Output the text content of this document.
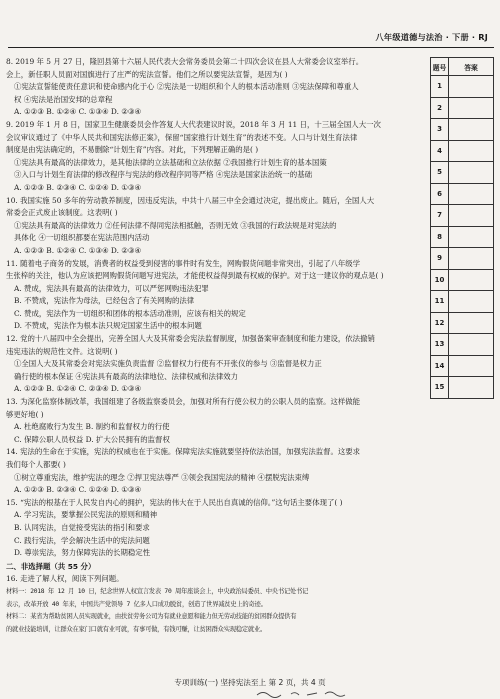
八年级道德与法治 · 下册 · RJ
8. 2019 年 5 月 27 日，隆回县第十六届人民代表大会常务委员会第二十四次会议在县人大常委会议室举行。
会上，新任职人员面对国旗进行了庄严的宪法宣誓。他们之所以要宪法宣誓，是因为( )
①宪法宣誓能使责任意识和使命感内化于心 ②宪法是一切组织和个人的根本活动准则 ③宪法保障和尊重人
权 ④宪法是治国安邦的总章程
A. ①②③ B. ①②④ C. ①③④ D. ②③④
9. 2019 年 1 月 8 日，国家卫生健康委员会作答复人大代表建议时说，2018 年 3 月 11 日，十三届全国人大一次
会议审议通过了《中华人民共和国宪法修正案》，保留“国家推行计划生育”的表述不变。人口与计划生育法律
制度是由宪法确定的，不易删除“计划生育”内容。对此，下列理解正确的是( )
①宪法具有最高的法律效力，是其他法律的立法基础和立法依据 ②我国推行计划生育的基本国策
③入口与计划生育法律的修改程序与宪法的修改程序同等严格 ④宪法是国家法治统一的基础
A. ①②③ B. ②③④ C. ①②④ D. ①③④
10. 我国实施 50 多年的劳动教养制度，因违反宪法，中共十八届三中全会通过决定，提出废止。随后，全国人大
常委会正式废止该制度。这表明( )
①宪法具有最高的法律效力 ②任何法律不得同宪法相抵触，否则无效 ③我国的行政法规是对宪法的
具体化 ④一切组织都要在宪法范围内活动
A. ①②③ B. ①②④ C. ①③④ D. ②③④
11. 随着电子商务的发展，消费者的权益受到侵害的事件时有发生，网购假货问题非常突出，引起了八年级学
生张梓的关注，他认为应该把网购假货问题写进宪法，才能使权益得到最有权威的保护。对于这一建议你的观点是( )
A. 赞成，宪法具有最高的法律效力，可以严惩网购违法犯罪
B. 不赞成，宪法作为母法，已经包含了有关网购的法律
C. 赞成，宪法作为一切组织和团体的根本活动准则，应该有相关的规定
D. 不赞成，宪法作为根本法只规定国家生活中的根本问题
12. 党的十八届四中全会提出，完善全国人大及其常委会宪法监督制度，加强备案审查制度和能力建设，依法撤销
违宪违法的规范性文件。这说明( )
①全国人大及其常委会对宪法实施负责监督 ②监督权力行使有不开张仪的参与 ③监督是权力正
确行使的根本保证 ④宪法具有最高的法律地位、法律权威和法律效力
A. ①②③ B. ①②④ C. ②③④ D. ①③④
13. 为深化监察体制改革，我国组建了各级监察委员会，加强对所有行使公权力的公职人员的监察。这样做能
够更好地( )
A. 杜绝腐败行为发生 B. 制约和监督权力的行使
C. 保障公职人员权益 D. 扩大公民拥有的监督权
14. 宪法的生命在于实施，宪法的权威也在于实施。保障宪法实施就要坚持依法治国，加强宪法监督。这要求
我们每个人都要( )
①树立尊重宪法，维护宪法的理念 ②捍卫宪法尊严 ③领会我国宪法的精神 ④摆脱宪法束缚
A. ①②③ B. ②③④ C. ①②④ D. ①③④
15. “宪法的根基在于人民发自内心的拥护，宪法的伟大在于人民出自真诚的信仰。”这句话主要体现了( )
A. 学习宪法，要掌握公民宪法的原则和精神
B. 认同宪法，自觉接受宪法的指引和要求
C. 践行宪法，学会解决生活中的宪法问题
D. 尊崇宪法，努力保障宪法的长期稳定性
二、非选择题（共 55 分）
16. 走进了解人权，阅读下列问题。
材料一：2018 年 12 月 10 日，纪念世界人权宣言发表 70 周年座谈会上，中央政治局委员、中央书记处书记
表示，改革开放 40 年来，中国共产党领导 7 亿多人口成功脱贫，创造了世界减贫史上的奇迹。
材料二：某省为帮助贫困人员实现就业，由扶贫劳务公司为有就业意愿和能力但无劳动技能的贫困群众提供有
的就业技能培训，让群众在家门口就有业可就，有事可做，有钱可赚，让贫困群众实现稳定就业。
题号	答案
1	
2	
3	
4	
5	
6	
7	
8	
9	
10	
11	
12	
13	
14	
15	
专项训练(一) 坚持宪法至上 第 2 页，共 4 页
